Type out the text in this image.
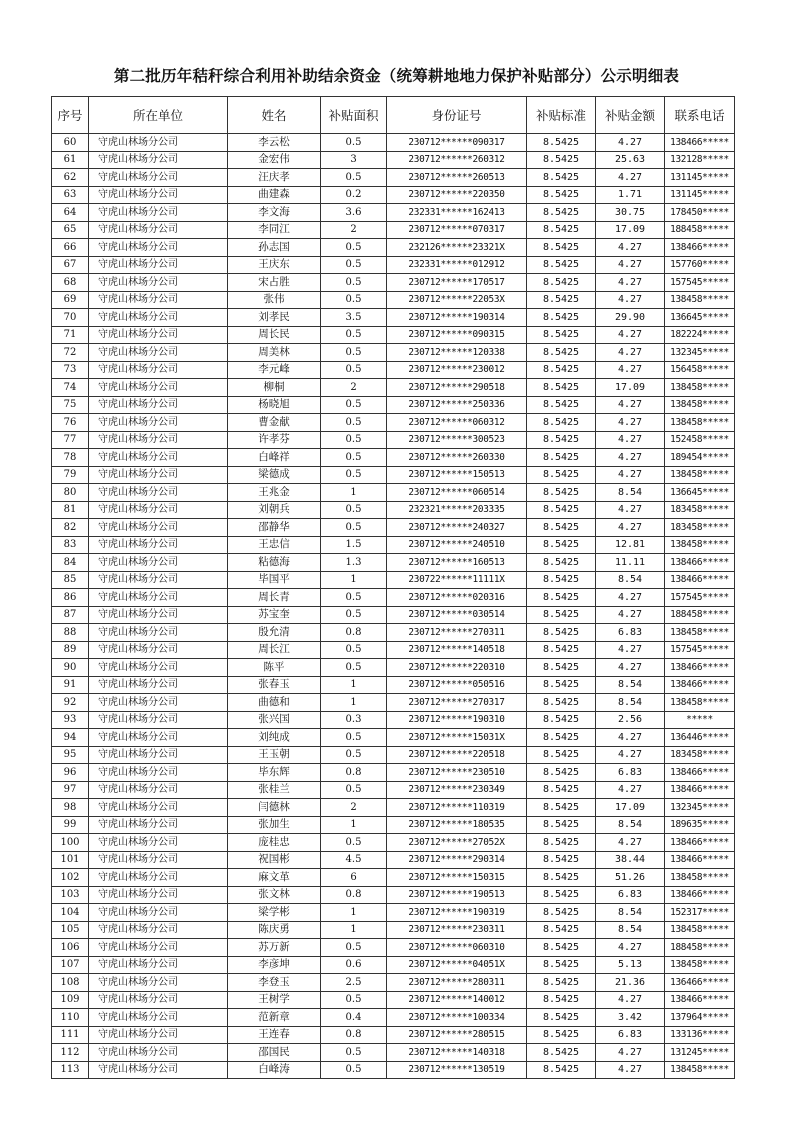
第二批历年秸秆综合利用补助结余资金（统筹耕地地力保护补贴部分）公示明细表
序号	所在单位	姓名	补贴面积	身份证号	补贴标准	补贴金额	联系电话
60	守虎山林场分公司	李云松	0.5	230712******090317	8.5425	4.27	138466*****
61	守虎山林场分公司	金宏伟	3	230712******260312	8.5425	25.63	132128*****
62	守虎山林场分公司	汪庆孝	0.5	230712******260513	8.5425	4.27	131145*****
63	守虎山林场分公司	曲建森	0.2	230712******220350	8.5425	1.71	131145*****
64	守虎山林场分公司	李文海	3.6	232331******162413	8.5425	30.75	178450*****
65	守虎山林场分公司	李同江	2	230712******070317	8.5425	17.09	188458*****
66	守虎山林场分公司	孙志国	0.5	232126******23321X	8.5425	4.27	138466*****
67	守虎山林场分公司	王庆东	0.5	232331******012912	8.5425	4.27	157760*****
68	守虎山林场分公司	宋占胜	0.5	230712******170517	8.5425	4.27	157545*****
69	守虎山林场分公司	张伟	0.5	230712******22053X	8.5425	4.27	138458*****
70	守虎山林场分公司	刘孝民	3.5	230712******190314	8.5425	29.90	136645*****
71	守虎山林场分公司	周长民	0.5	230712******090315	8.5425	4.27	182224*****
72	守虎山林场分公司	周美林	0.5	230712******120338	8.5425	4.27	132345*****
73	守虎山林场分公司	李元峰	0.5	230712******230012	8.5425	4.27	156458*****
74	守虎山林场分公司	柳桐	2	230712******290518	8.5425	17.09	138458*****
75	守虎山林场分公司	杨晓旭	0.5	230712******250336	8.5425	4.27	138458*****
76	守虎山林场分公司	曹金献	0.5	230712******060312	8.5425	4.27	138458*****
77	守虎山林场分公司	许孝芬	0.5	230712******300523	8.5425	4.27	152458*****
78	守虎山林场分公司	白峰祥	0.5	230712******260330	8.5425	4.27	189454*****
79	守虎山林场分公司	梁德成	0.5	230712******150513	8.5425	4.27	138458*****
80	守虎山林场分公司	王兆金	1	230712******060514	8.5425	8.54	136645*****
81	守虎山林场分公司	刘朝兵	0.5	232321******203335	8.5425	4.27	183458*****
82	守虎山林场分公司	邵静华	0.5	230712******240327	8.5425	4.27	183458*****
83	守虎山林场分公司	王忠信	1.5	230712******240510	8.5425	12.81	138458*****
84	守虎山林场分公司	粘德海	1.3	230712******160513	8.5425	11.11	138466*****
85	守虎山林场分公司	毕国平	1	230722******11111X	8.5425	8.54	138466*****
86	守虎山林场分公司	周长青	0.5	230712******020316	8.5425	4.27	157545*****
87	守虎山林场分公司	苏宝奎	0.5	230712******030514	8.5425	4.27	188458*****
88	守虎山林场分公司	殷允清	0.8	230712******270311	8.5425	6.83	138458*****
89	守虎山林场分公司	周长江	0.5	230712******140518	8.5425	4.27	157545*****
90	守虎山林场分公司	陈平	0.5	230712******220310	8.5425	4.27	138466*****
91	守虎山林场分公司	张春玉	1	230712******050516	8.5425	8.54	138466*****
92	守虎山林场分公司	曲德和	1	230712******270317	8.5425	8.54	138458*****
93	守虎山林场分公司	张兴国	0.3	230712******190310	8.5425	2.56	*****
94	守虎山林场分公司	刘纯成	0.5	230712******15031X	8.5425	4.27	136446*****
95	守虎山林场分公司	王玉朝	0.5	230712******220518	8.5425	4.27	183458*****
96	守虎山林场分公司	毕东辉	0.8	230712******230510	8.5425	6.83	138466*****
97	守虎山林场分公司	张桂兰	0.5	230712******230349	8.5425	4.27	138466*****
98	守虎山林场分公司	闫德林	2	230712******110319	8.5425	17.09	132345*****
99	守虎山林场分公司	张加生	1	230712******180535	8.5425	8.54	189635*****
100	守虎山林场分公司	庞桂忠	0.5	230712******27052X	8.5425	4.27	138466*****
101	守虎山林场分公司	祝国彬	4.5	230712******290314	8.5425	38.44	138466*****
102	守虎山林场分公司	麻文革	6	230712******150315	8.5425	51.26	138458*****
103	守虎山林场分公司	张文林	0.8	230712******190513	8.5425	6.83	138466*****
104	守虎山林场分公司	梁学彬	1	230712******190319	8.5425	8.54	152317*****
105	守虎山林场分公司	陈庆勇	1	230712******230311	8.5425	8.54	138458*****
106	守虎山林场分公司	苏万新	0.5	230712******060310	8.5425	4.27	188458*****
107	守虎山林场分公司	李彦坤	0.6	230712******04051X	8.5425	5.13	138458*****
108	守虎山林场分公司	李登玉	2.5	230712******280311	8.5425	21.36	136466*****
109	守虎山林场分公司	王树学	0.5	230712******140012	8.5425	4.27	138466*****
110	守虎山林场分公司	范新章	0.4	230712******100334	8.5425	3.42	137964*****
111	守虎山林场分公司	王连春	0.8	230712******280515	8.5425	6.83	133136*****
112	守虎山林场分公司	邵国民	0.5	230712******140318	8.5425	4.27	131245*****
113	守虎山林场分公司	白峰涛	0.5	230712******130519	8.5425	4.27	138458*****
